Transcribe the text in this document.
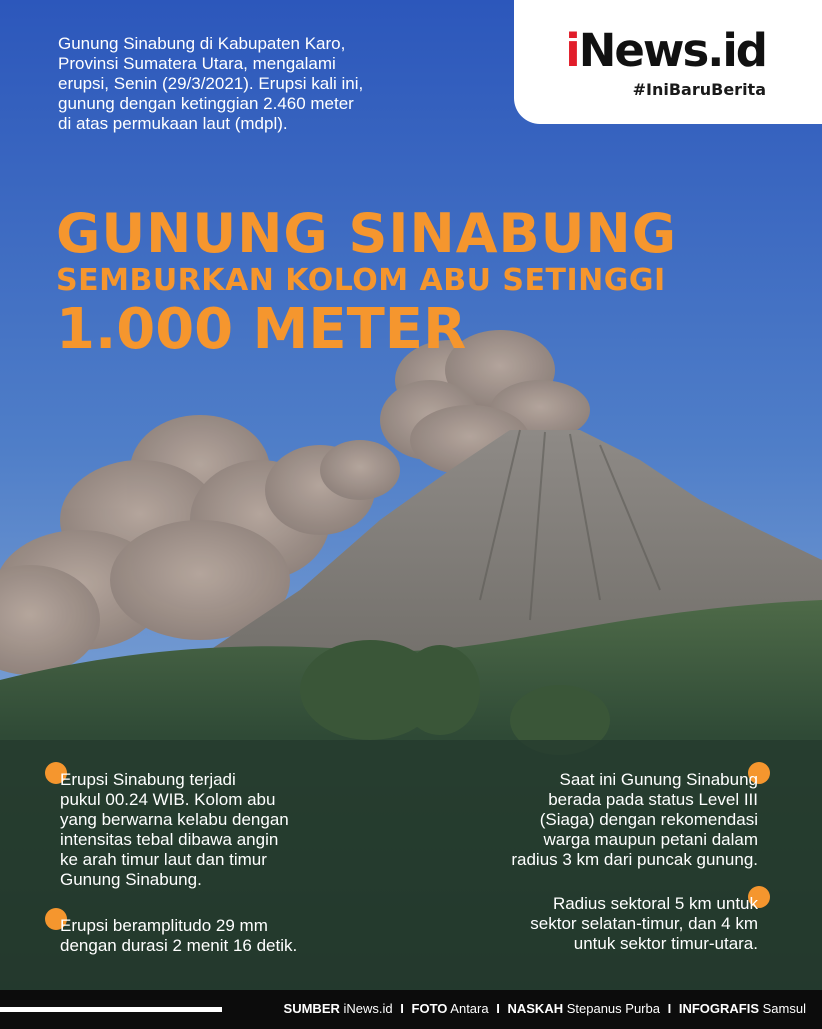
Gunung Sinabung di Kabupaten Karo,
Provinsi Sumatera Utara, mengalami
erupsi, Senin (29/3/2021). Erupsi kali ini,
gunung dengan ketinggian 2.460 meter
di atas permukaan laut (mdpl).

iNews.id
#IniBaruBerita
GUNUNG SINABUNG
SEMBURKAN KOLOM ABU SETINGGI
1.000 METER

Erupsi Sinabung terjadi
pukul 00.24 WIB. Kolom abu
yang berwarna kelabu dengan
intensitas tebal dibawa angin
ke arah timur laut dan timur
Gunung Sinabung.

Erupsi beramplitudo 29 mm
dengan durasi 2 menit 16 detik.

Saat ini Gunung Sinabung
berada pada status Level III
(Siaga) dengan rekomendasi
warga maupun petani dalam
radius 3 km dari puncak gunung.

Radius sektoral 5 km untuk
sektor selatan-timur, dan 4 km
untuk sektor timur-utara.

SUMBER iNews.id I FOTO Antara I NASKAH Stepanus Purba I INFOGRAFIS Samsul
